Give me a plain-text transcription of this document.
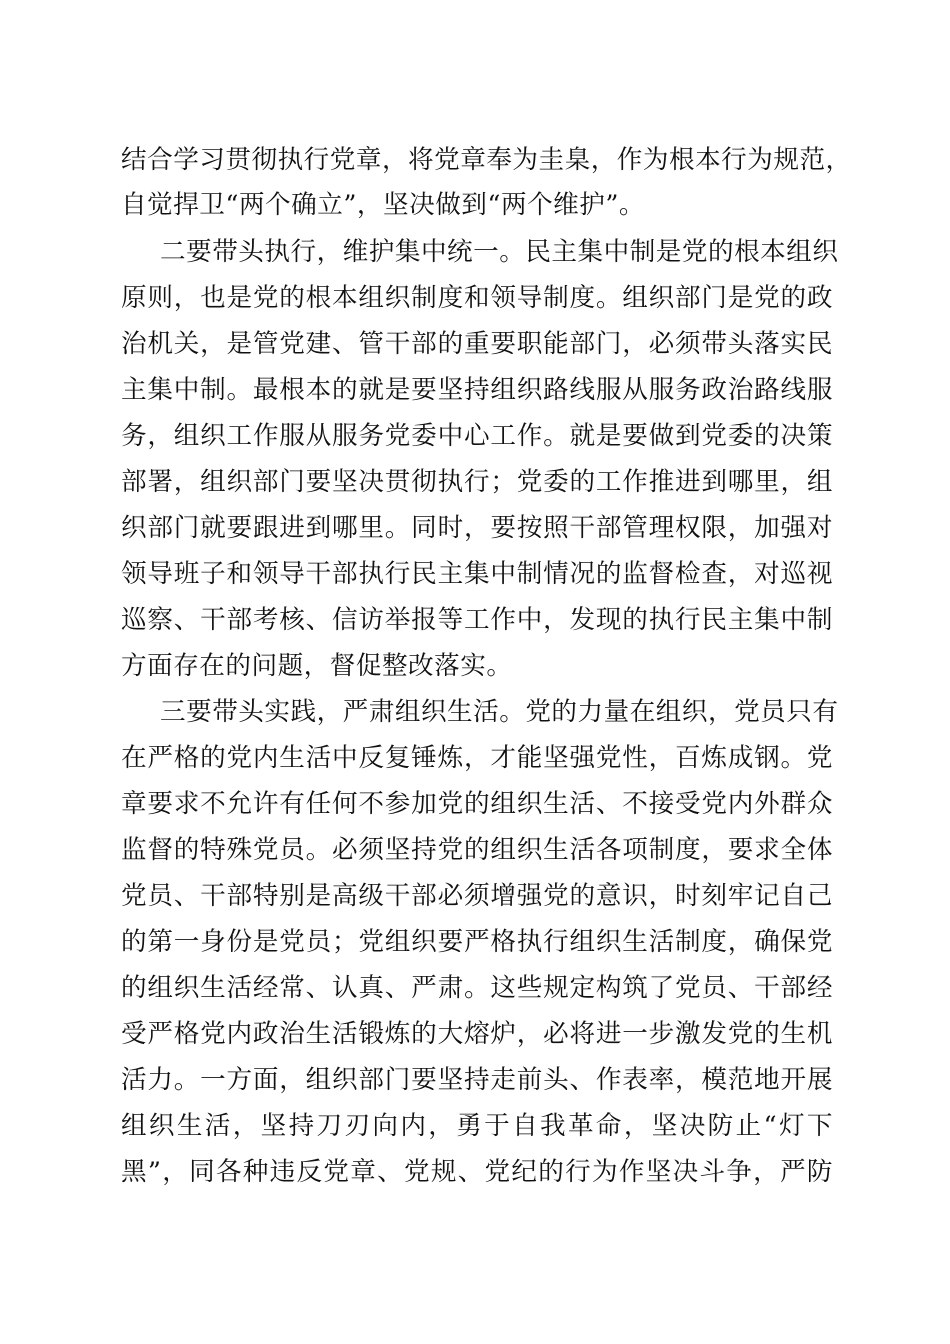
结合学习贯彻执行党章，将党章奉为圭臬，作为根本行为规范，

自觉捍卫“两个确立”，坚决做到“两个维护”。

二要带头执行，维护集中统一。民主集中制是党的根本组织

原则，也是党的根本组织制度和领导制度。组织部门是党的政

治机关，是管党建、管干部的重要职能部门，必须带头落实民

主集中制。最根本的就是要坚持组织路线服从服务政治路线服

务，组织工作服从服务党委中心工作。就是要做到党委的决策

部署，组织部门要坚决贯彻执行；党委的工作推进到哪里，组

织部门就要跟进到哪里。同时，要按照干部管理权限，加强对

领导班子和领导干部执行民主集中制情况的监督检查，对巡视

巡察、干部考核、信访举报等工作中，发现的执行民主集中制

方面存在的问题，督促整改落实。

三要带头实践，严肃组织生活。党的力量在组织，党员只有

在严格的党内生活中反复锤炼，才能坚强党性，百炼成钢。党

章要求不允许有任何不参加党的组织生活、不接受党内外群众

监督的特殊党员。必须坚持党的组织生活各项制度，要求全体

党员、干部特别是高级干部必须增强党的意识，时刻牢记自己

的第一身份是党员；党组织要严格执行组织生活制度，确保党

的组织生活经常、认真、严肃。这些规定构筑了党员、干部经

受严格党内政治生活锻炼的大熔炉，必将进一步激发党的生机

活力。一方面，组织部门要坚持走前头、作表率，模范地开展

组织生活，坚持刀刃向内，勇于自我革命，坚决防止“灯下

黑”，同各种违反党章、党规、党纪的行为作坚决斗争，严防
